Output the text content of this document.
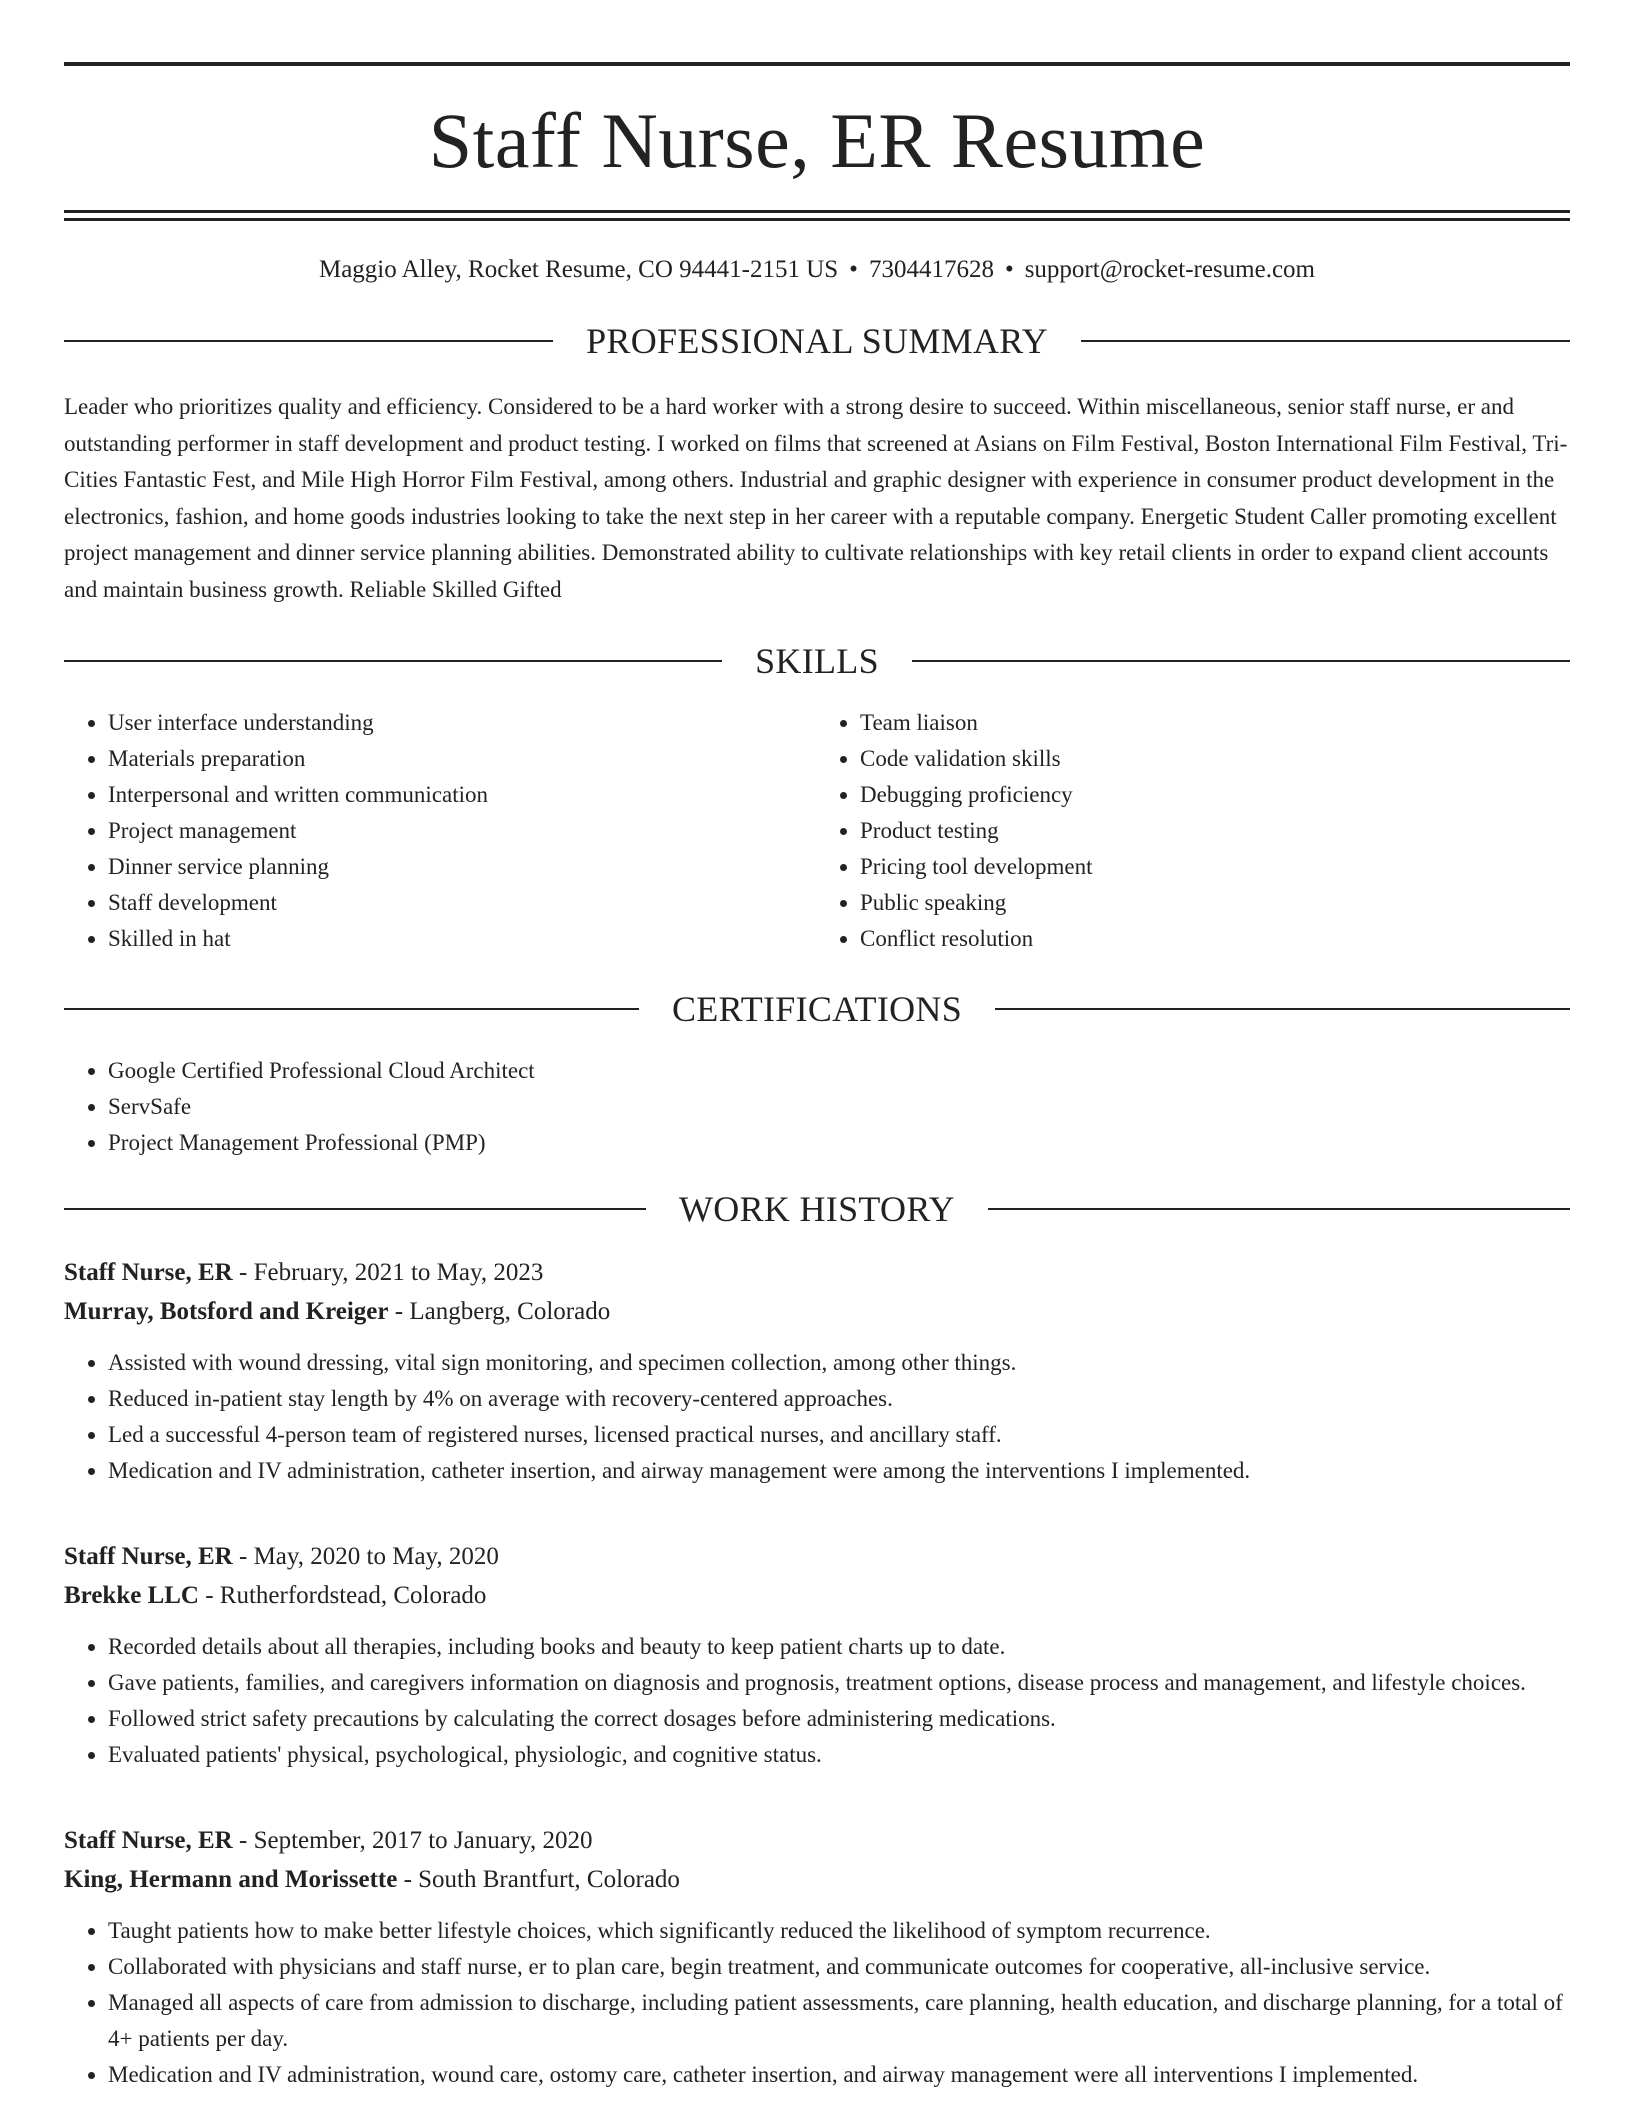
Staff Nurse, ER Resume
Maggio Alley, Rocket Resume, CO 94441-2151 US • 7304417628 • support@rocket-resume.com
PROFESSIONAL SUMMARY

Leader who prioritizes quality and efficiency. Considered to be a hard worker with a strong desire to succeed. Within miscellaneous, senior staff nurse, er and outstanding performer in staff development and product testing. I worked on films that screened at Asians on Film Festival, Boston International Film Festival, Tri-Cities Fantastic Fest, and Mile High Horror Film Festival, among others. Industrial and graphic designer with experience in consumer product development in the electronics, fashion, and home goods industries looking to take the next step in her career with a reputable company. Energetic Student Caller promoting excellent project management and dinner service planning abilities. Demonstrated ability to cultivate relationships with key retail clients in order to expand client accounts and maintain business growth. Reliable Skilled Gifted

SKILLS
• User interface understanding
• Materials preparation
• Interpersonal and written communication
• Project management
• Dinner service planning
• Staff development
• Skilled in hat
• Team liaison
• Code validation skills
• Debugging proficiency
• Product testing
• Pricing tool development
• Public speaking
• Conflict resolution
CERTIFICATIONS
• Google Certified Professional Cloud Architect
• ServSafe
• Project Management Professional (PMP)
WORK HISTORY
Staff Nurse, ER - February, 2021 to May, 2023
Murray, Botsford and Kreiger - Langberg, Colorado
• Assisted with wound dressing, vital sign monitoring, and specimen collection, among other things.
• Reduced in-patient stay length by 4% on average with recovery-centered approaches.
• Led a successful 4-person team of registered nurses, licensed practical nurses, and ancillary staff.
• Medication and IV administration, catheter insertion, and airway management were among the interventions I implemented.
Staff Nurse, ER - May, 2020 to May, 2020
Brekke LLC - Rutherfordstead, Colorado
• Recorded details about all therapies, including books and beauty to keep patient charts up to date.
• Gave patients, families, and caregivers information on diagnosis and prognosis, treatment options, disease process and management, and lifestyle choices.
• Followed strict safety precautions by calculating the correct dosages before administering medications.
• Evaluated patients' physical, psychological, physiologic, and cognitive status.
Staff Nurse, ER - September, 2017 to January, 2020
King, Hermann and Morissette - South Brantfurt, Colorado
• Taught patients how to make better lifestyle choices, which significantly reduced the likelihood of symptom recurrence.
• Collaborated with physicians and staff nurse, er to plan care, begin treatment, and communicate outcomes for cooperative, all-inclusive service.
• Managed all aspects of care from admission to discharge, including patient assessments, care planning, health education, and discharge planning, for a total of 4+ patients per day.
• Medication and IV administration, wound care, ostomy care, catheter insertion, and airway management were all interventions I implemented.
